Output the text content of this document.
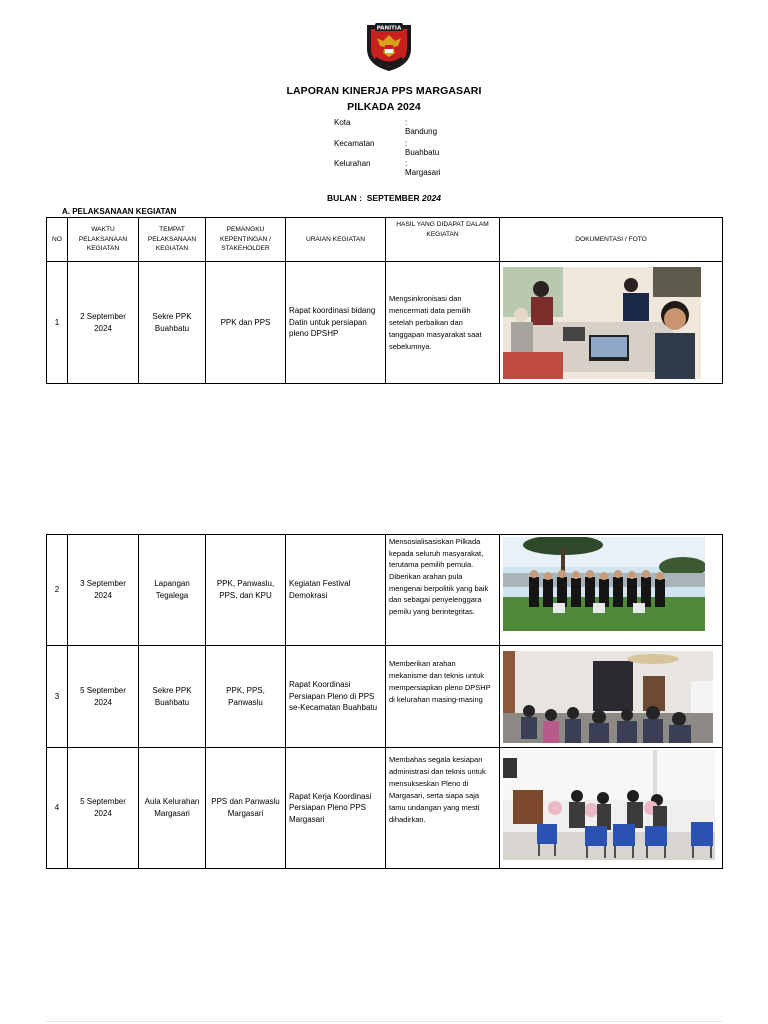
PANITIA
LAPORAN KINERJA PPS MARGASARI
PILKADA 2024
Kota	: Bandung
Kecamatan	: Buahbatu
Kelurahan	: Margasari
BULAN : SEPTEMBER 2024
A. PELAKSANAAN KEGIATAN
NO	WAKTU PELAKSANAAN KEGIATAN	TEMPAT PELAKSANAAN KEGIATAN	PEMANGKU KEPENTINGAN / STAKEHOLDER	URAIAN KEGIATAN	HASIL YANG DIDAPAT DALAM KEGIATAN	DOKUMENTASI / FOTO
1	2 September 2024	Sekre PPK Buahbatu	PPK dan PPS	Rapat koordinasi bidang Datin untuk persiapan pleno DPSHP	Mengsinkronisasi dan mencermati data pemilih setelah perbaikan dan tanggapan masyarakat saat sebelumnya.	
2	3 September 2024	Lapangan Tegalega	PPK, Panwaslu, PPS, dan KPU	Kegiatan Festival Demokrasi	Mensosialisasiskan Pilkada kepada seluruh masyarakat, terutama pemilih pemula. Diberikan arahan pula mengenai berpolitik yang baik dan sebagai penyelenggara pemilu yang berintegritas.	

3	5 September 2024	Sekre PPK Buahbatu	PPK, PPS, Panwaslu	Rapat Koordinasi Persiapan Pleno di PPS se-Kecamatan Buahbatu	Memberikan arahan mekanisme dan teknis untuk mempersiapkan pleno DPSHP di kelurahan masing-masing	

4	5 September 2024	Aula Kelurahan Margasari	PPS dan Panwaslu Margasari	Rapat Kerja Koordinasi Persiapan Pleno PPS Margasari	Membahas segala kesiapan administrasi dan teknis untuk mensukseskan Pleno di Margasari, serta siapa saja tamu undangan yang mesti dihadirkan.	
